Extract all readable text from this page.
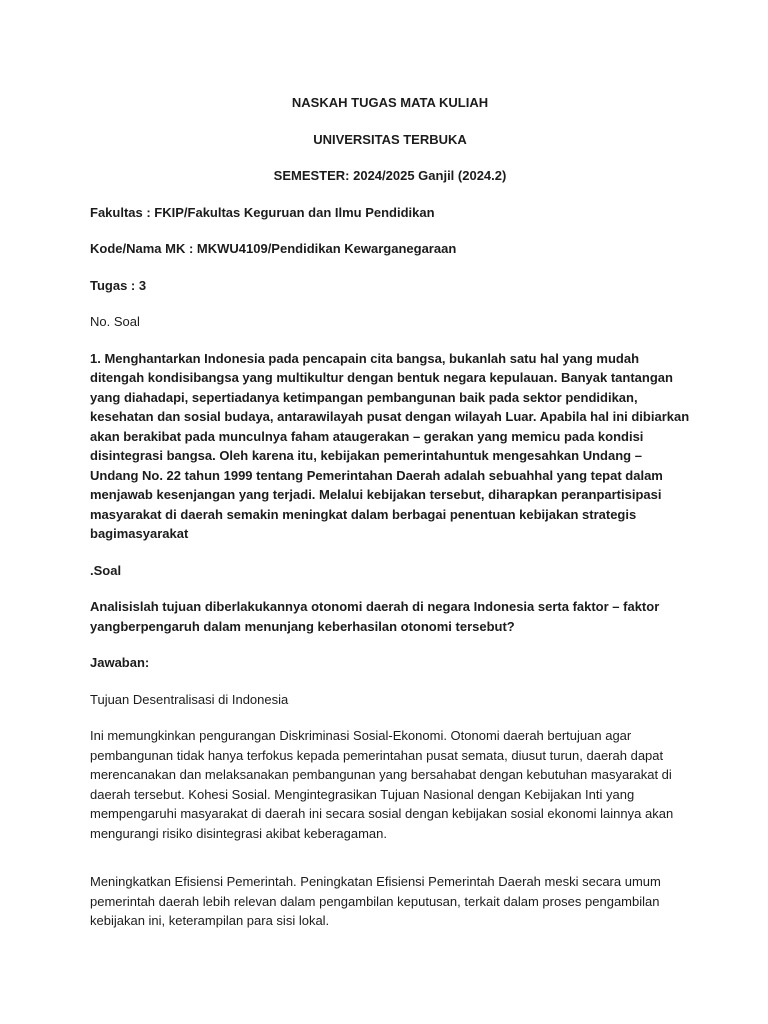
NASKAH TUGAS MATA KULIAH
UNIVERSITAS TERBUKA
SEMESTER: 2024/2025 Ganjil (2024.2)
Fakultas : FKIP/Fakultas Keguruan dan Ilmu Pendidikan
Kode/Nama MK : MKWU4109/Pendidikan Kewarganegaraan
Tugas : 3
No. Soal
1. Menghantarkan Indonesia pada pencapain cita bangsa, bukanlah satu hal yang mudah ditengah kondisibangsa yang multikultur dengan bentuk negara kepulauan. Banyak tantangan yang diahadapi, sepertiadanya ketimpangan pembangunan baik pada sektor pendidikan, kesehatan dan sosial budaya, antarawilayah pusat dengan wilayah Luar. Apabila hal ini dibiarkan akan berakibat pada munculnya faham ataugerakan – gerakan yang memicu pada kondisi disintegrasi bangsa. Oleh karena itu, kebijakan pemerintahuntuk mengesahkan Undang – Undang No. 22 tahun 1999 tentang Pemerintahan Daerah adalah sebuahhal yang tepat dalam menjawab kesenjangan yang terjadi. Melalui kebijakan tersebut, diharapkan peranpartisipasi masyarakat di daerah semakin meningkat dalam berbagai penentuan kebijakan strategis bagimasyarakat
.Soal
Analisislah tujuan diberlakukannya otonomi daerah di negara Indonesia serta faktor – faktor yangberpengaruh dalam menunjang keberhasilan otonomi tersebut?
Jawaban:
Tujuan Desentralisasi di Indonesia
Ini memungkinkan pengurangan Diskriminasi Sosial-Ekonomi. Otonomi daerah bertujuan agar pembangunan tidak hanya terfokus kepada pemerintahan pusat semata, diusut turun, daerah dapat merencanakan dan melaksanakan pembangunan yang bersahabat dengan kebutuhan masyarakat di daerah tersebut. Kohesi Sosial. Mengintegrasikan Tujuan Nasional dengan Kebijakan Inti yang mempengaruhi masyarakat di daerah ini secara sosial dengan kebijakan sosial ekonomi lainnya akan mengurangi risiko disintegrasi akibat keberagaman.
Meningkatkan Efisiensi Pemerintah. Peningkatan Efisiensi Pemerintah Daerah meski secara umum pemerintah daerah lebih relevan dalam pengambilan keputusan, terkait dalam proses pengambilan kebijakan ini, keterampilan para sisi lokal.
